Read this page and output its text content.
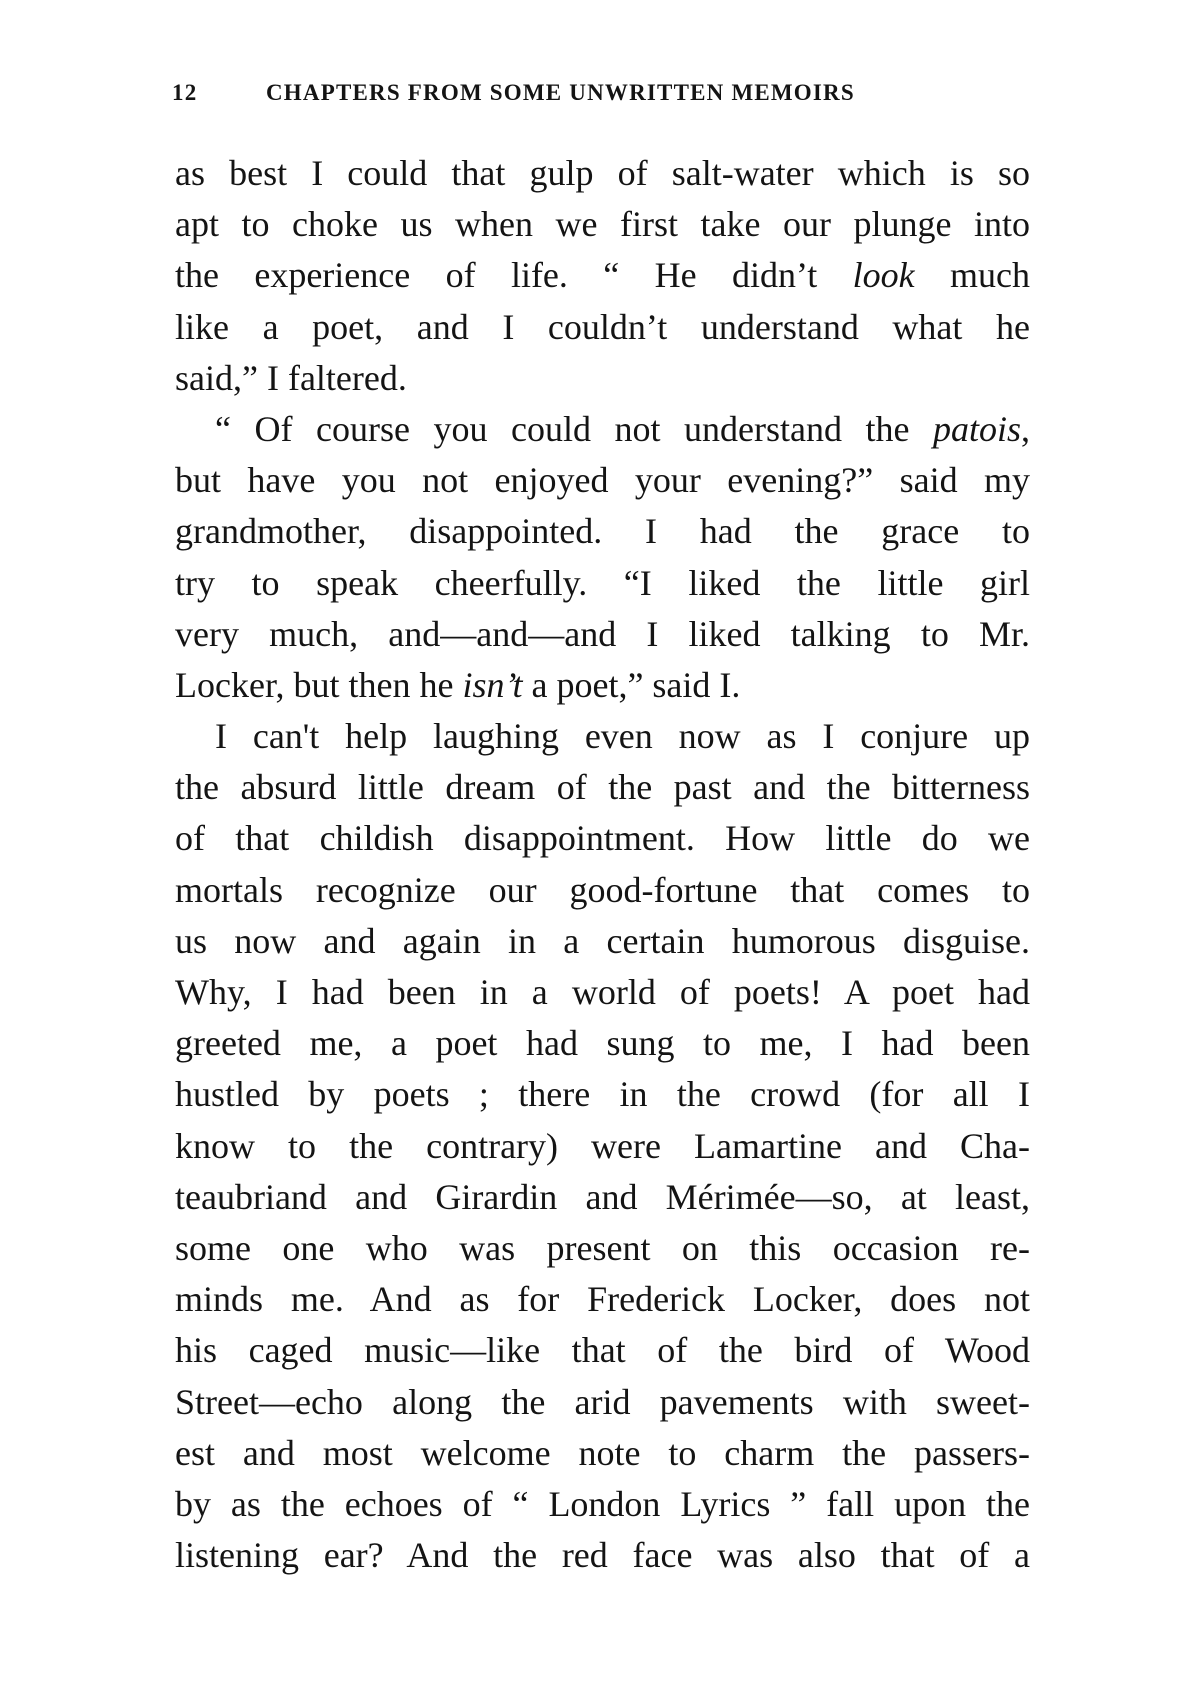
12	CHAPTERS FROM SOME UNWRITTEN MEMOIRS
as best I could that gulp of salt-water which is so
apt to choke us when we first take our plunge into
the experience of life. “ He didn’t look much
like a poet, and I couldn’t understand what he
said,” I faltered.
“ Of course you could not understand the patois,
but have you not enjoyed your evening?” said my
grandmother, disappointed. I had the grace to
try to speak cheerfully. “I liked the little girl
very much, and—and—and I liked talking to Mr.
Locker, but then he isn’t a poet,” said I.
I can't help laughing even now as I conjure up
the absurd little dream of the past and the bitterness
of that childish disappointment. How little do we
mortals recognize our good-fortune that comes to
us now and again in a certain humorous disguise.
Why, I had been in a world of poets! A poet had
greeted me, a poet had sung to me, I had been
hustled by poets ; there in the crowd (for all I
know to the contrary) were Lamartine and Cha-
teaubriand and Girardin and Mérimée—so, at least,
some one who was present on this occasion re-
minds me. And as for Frederick Locker, does not
his caged music—like that of the bird of Wood
Street—echo along the arid pavements with sweet-
est and most welcome note to charm the passers-
by as the echoes of “ London Lyrics ” fall upon the
listening ear? And the red face was also that of a
